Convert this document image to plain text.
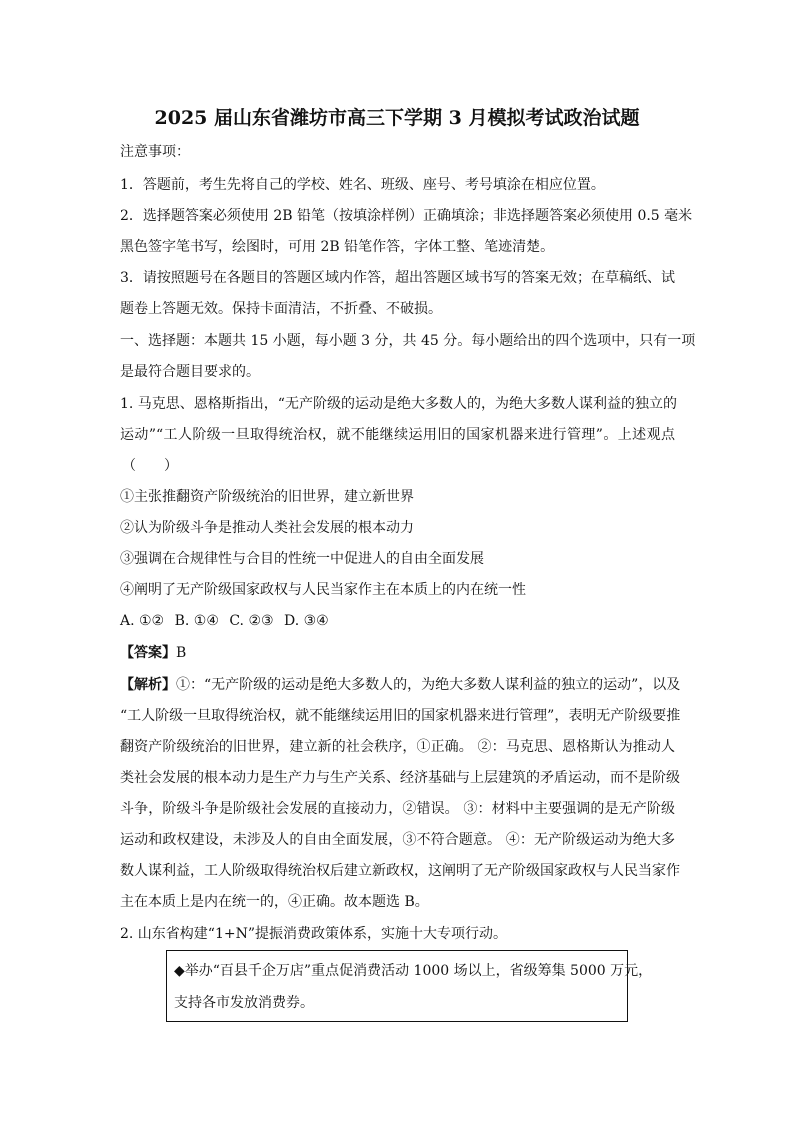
2025 届山东省潍坊市高三下学期 3 月模拟考试政治试题
注意事项：
1．答题前，考生先将自己的学校、姓名、班级、座号、考号填涂在相应位置。
2．选择题答案必须使用 2B 铅笔（按填涂样例）正确填涂；非选择题答案必须使用 0.5 毫米
黑色签字笔书写，绘图时，可用 2B 铅笔作答，字体工整、笔迹清楚。
3．请按照题号在各题目的答题区域内作答，超出答题区域书写的答案无效；在草稿纸、试
题卷上答题无效。保持卡面清洁，不折叠、不破损。
一、选择题：本题共 15 小题，每小题 3 分，共 45 分。每小题给出的四个选项中，只有一项
是最符合题目要求的。
1. 马克思、恩格斯指出，“无产阶级的运动是绝大多数人的，为绝大多数人谋利益的独立的
运动”“工人阶级一旦取得统治权，就不能继续运用旧的国家机器来进行管理”。上述观点
（　　）
①主张推翻资产阶级统治的旧世界，建立新世界
②认为阶级斗争是推动人类社会发展的根本动力
③强调在合规律性与合目的性统一中促进人的自由全面发展
④阐明了无产阶级国家政权与人民当家作主在本质上的内在统一性
A. ①② B. ①④ C. ②③ D. ③④
【答案】B
【解析】①：“无产阶级的运动是绝大多数人的，为绝大多数人谋利益的独立的运动”，以及
“工人阶级一旦取得统治权，就不能继续运用旧的国家机器来进行管理”，表明无产阶级要推
翻资产阶级统治的旧世界，建立新的社会秩序，①正确。 ②：马克思、恩格斯认为推动人
类社会发展的根本动力是生产力与生产关系、经济基础与上层建筑的矛盾运动，而不是阶级
斗争，阶级斗争是阶级社会发展的直接动力，②错误。 ③：材料中主要强调的是无产阶级
运动和政权建设，未涉及人的自由全面发展，③不符合题意。 ④：无产阶级运动为绝大多
数人谋利益，工人阶级取得统治权后建立新政权，这阐明了无产阶级国家政权与人民当家作
主在本质上是内在统一的，④正确。故本题选 B。
2. 山东省构建“1+N”提振消费政策体系，实施十大专项行动。
◆举办“百县千企万店”重点促消费活动 1000 场以上，省级筹集 5000 万元，
支持各市发放消费券。
